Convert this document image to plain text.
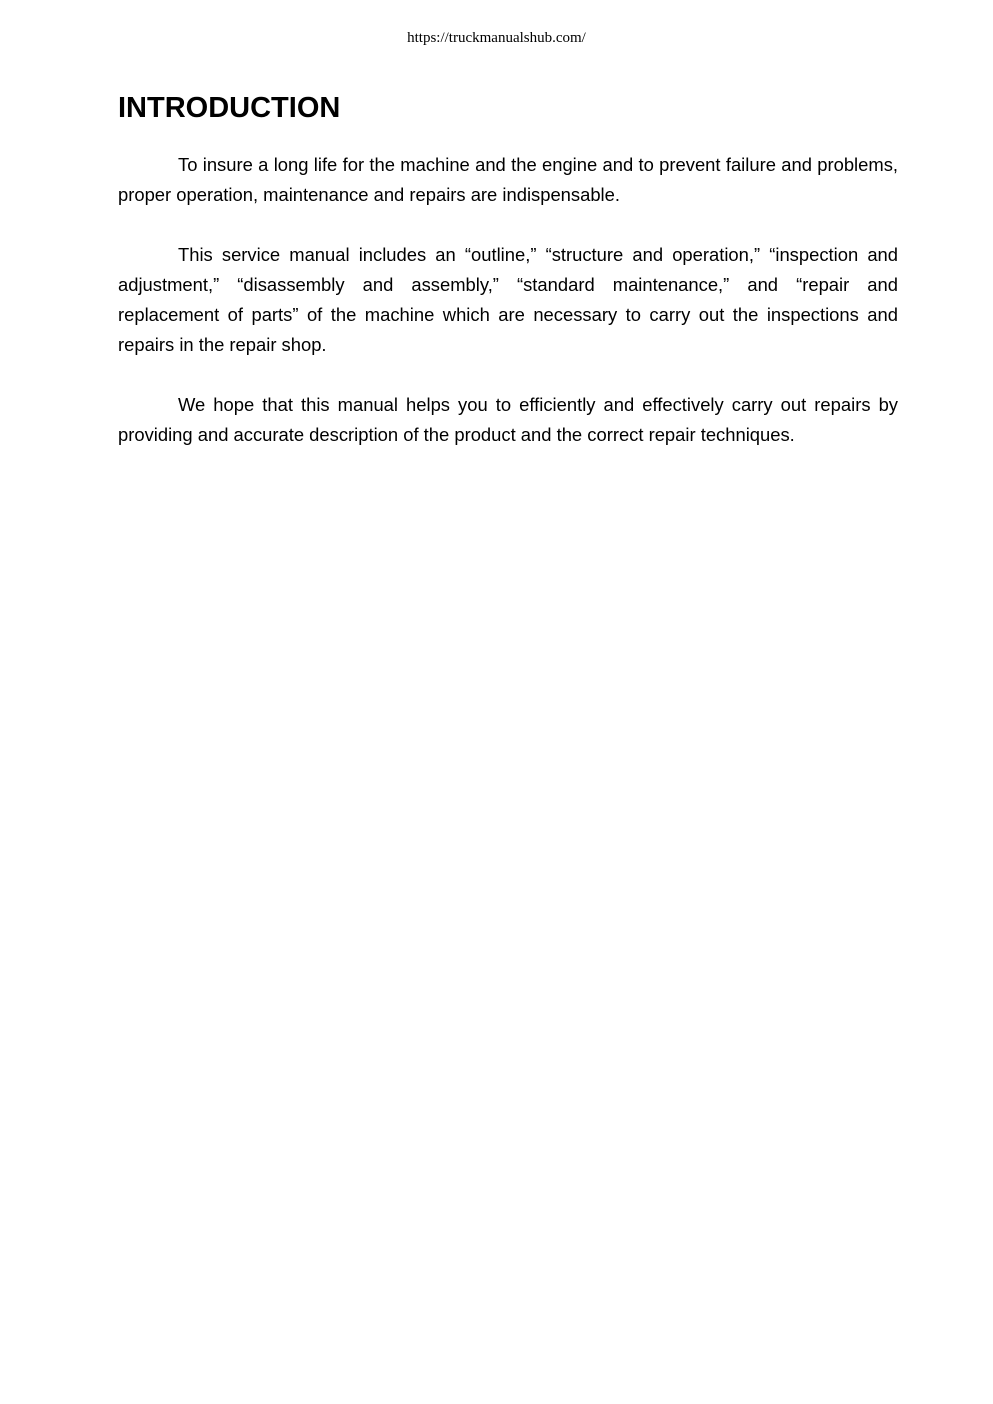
https://truckmanualshub.com/
INTRODUCTION

To insure a long life for the machine and the engine and to prevent failure and problems, proper operation, maintenance and repairs are indispensable.

This service manual includes an “outline,” “structure and operation,” “inspection and adjustment,” “disassembly and assembly,” “standard maintenance,” and “repair and replacement of parts” of the machine which are necessary to carry out the inspections and repairs in the repair shop.

We hope that this manual helps you to efficiently and effectively carry out repairs by providing and accurate description of the product and the correct repair techniques.
